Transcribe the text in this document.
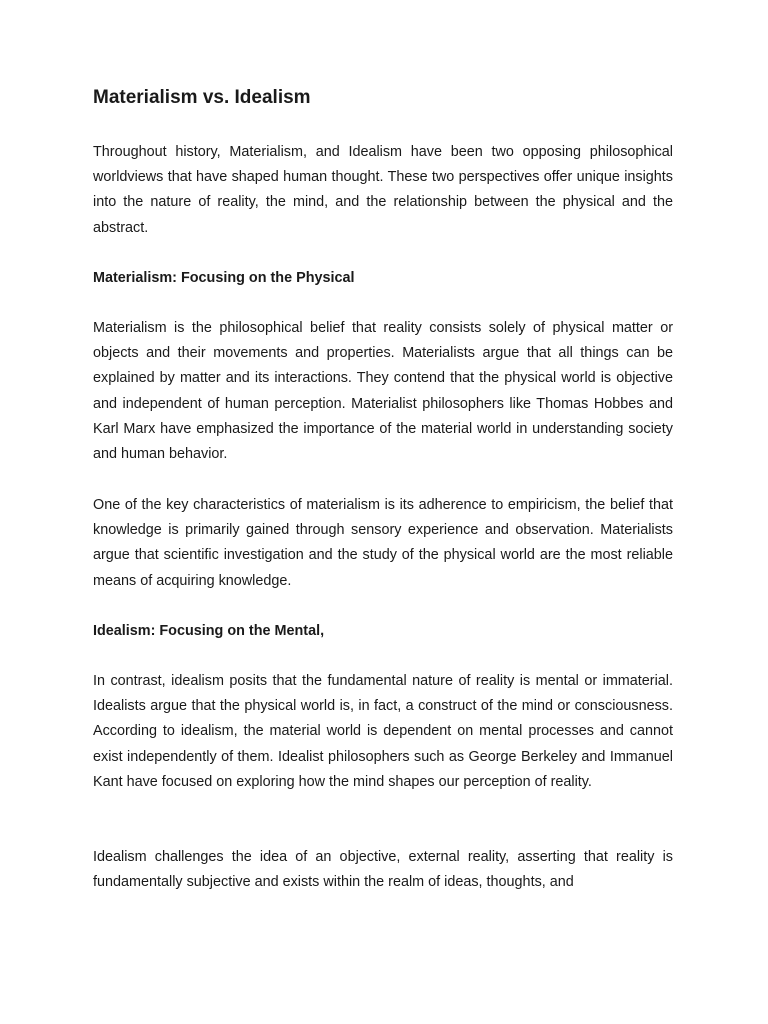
Materialism vs. Idealism

Throughout history, Materialism, and Idealism have been two opposing philosophical worldviews that have shaped human thought. These two perspectives offer unique insights into the nature of reality, the mind, and the relationship between the physical and the abstract.

Materialism: Focusing on the Physical

Materialism is the philosophical belief that reality consists solely of physical matter or objects and their movements and properties. Materialists argue that all things can be explained by matter and its interactions. They contend that the physical world is objective and independent of human perception. Materialist philosophers like Thomas Hobbes and Karl Marx have emphasized the importance of the material world in understanding society and human behavior.

One of the key characteristics of materialism is its adherence to empiricism, the belief that knowledge is primarily gained through sensory experience and observation. Materialists argue that scientific investigation and the study of the physical world are the most reliable means of acquiring knowledge.

Idealism: Focusing on the Mental,

In contrast, idealism posits that the fundamental nature of reality is mental or immaterial. Idealists argue that the physical world is, in fact, a construct of the mind or consciousness. According to idealism, the material world is dependent on mental processes and cannot exist independently of them. Idealist philosophers such as George Berkeley and Immanuel Kant have focused on exploring how the mind shapes our perception of reality.

Idealism challenges the idea of an objective, external reality, asserting that reality is fundamentally subjective and exists within the realm of ideas, thoughts, and
